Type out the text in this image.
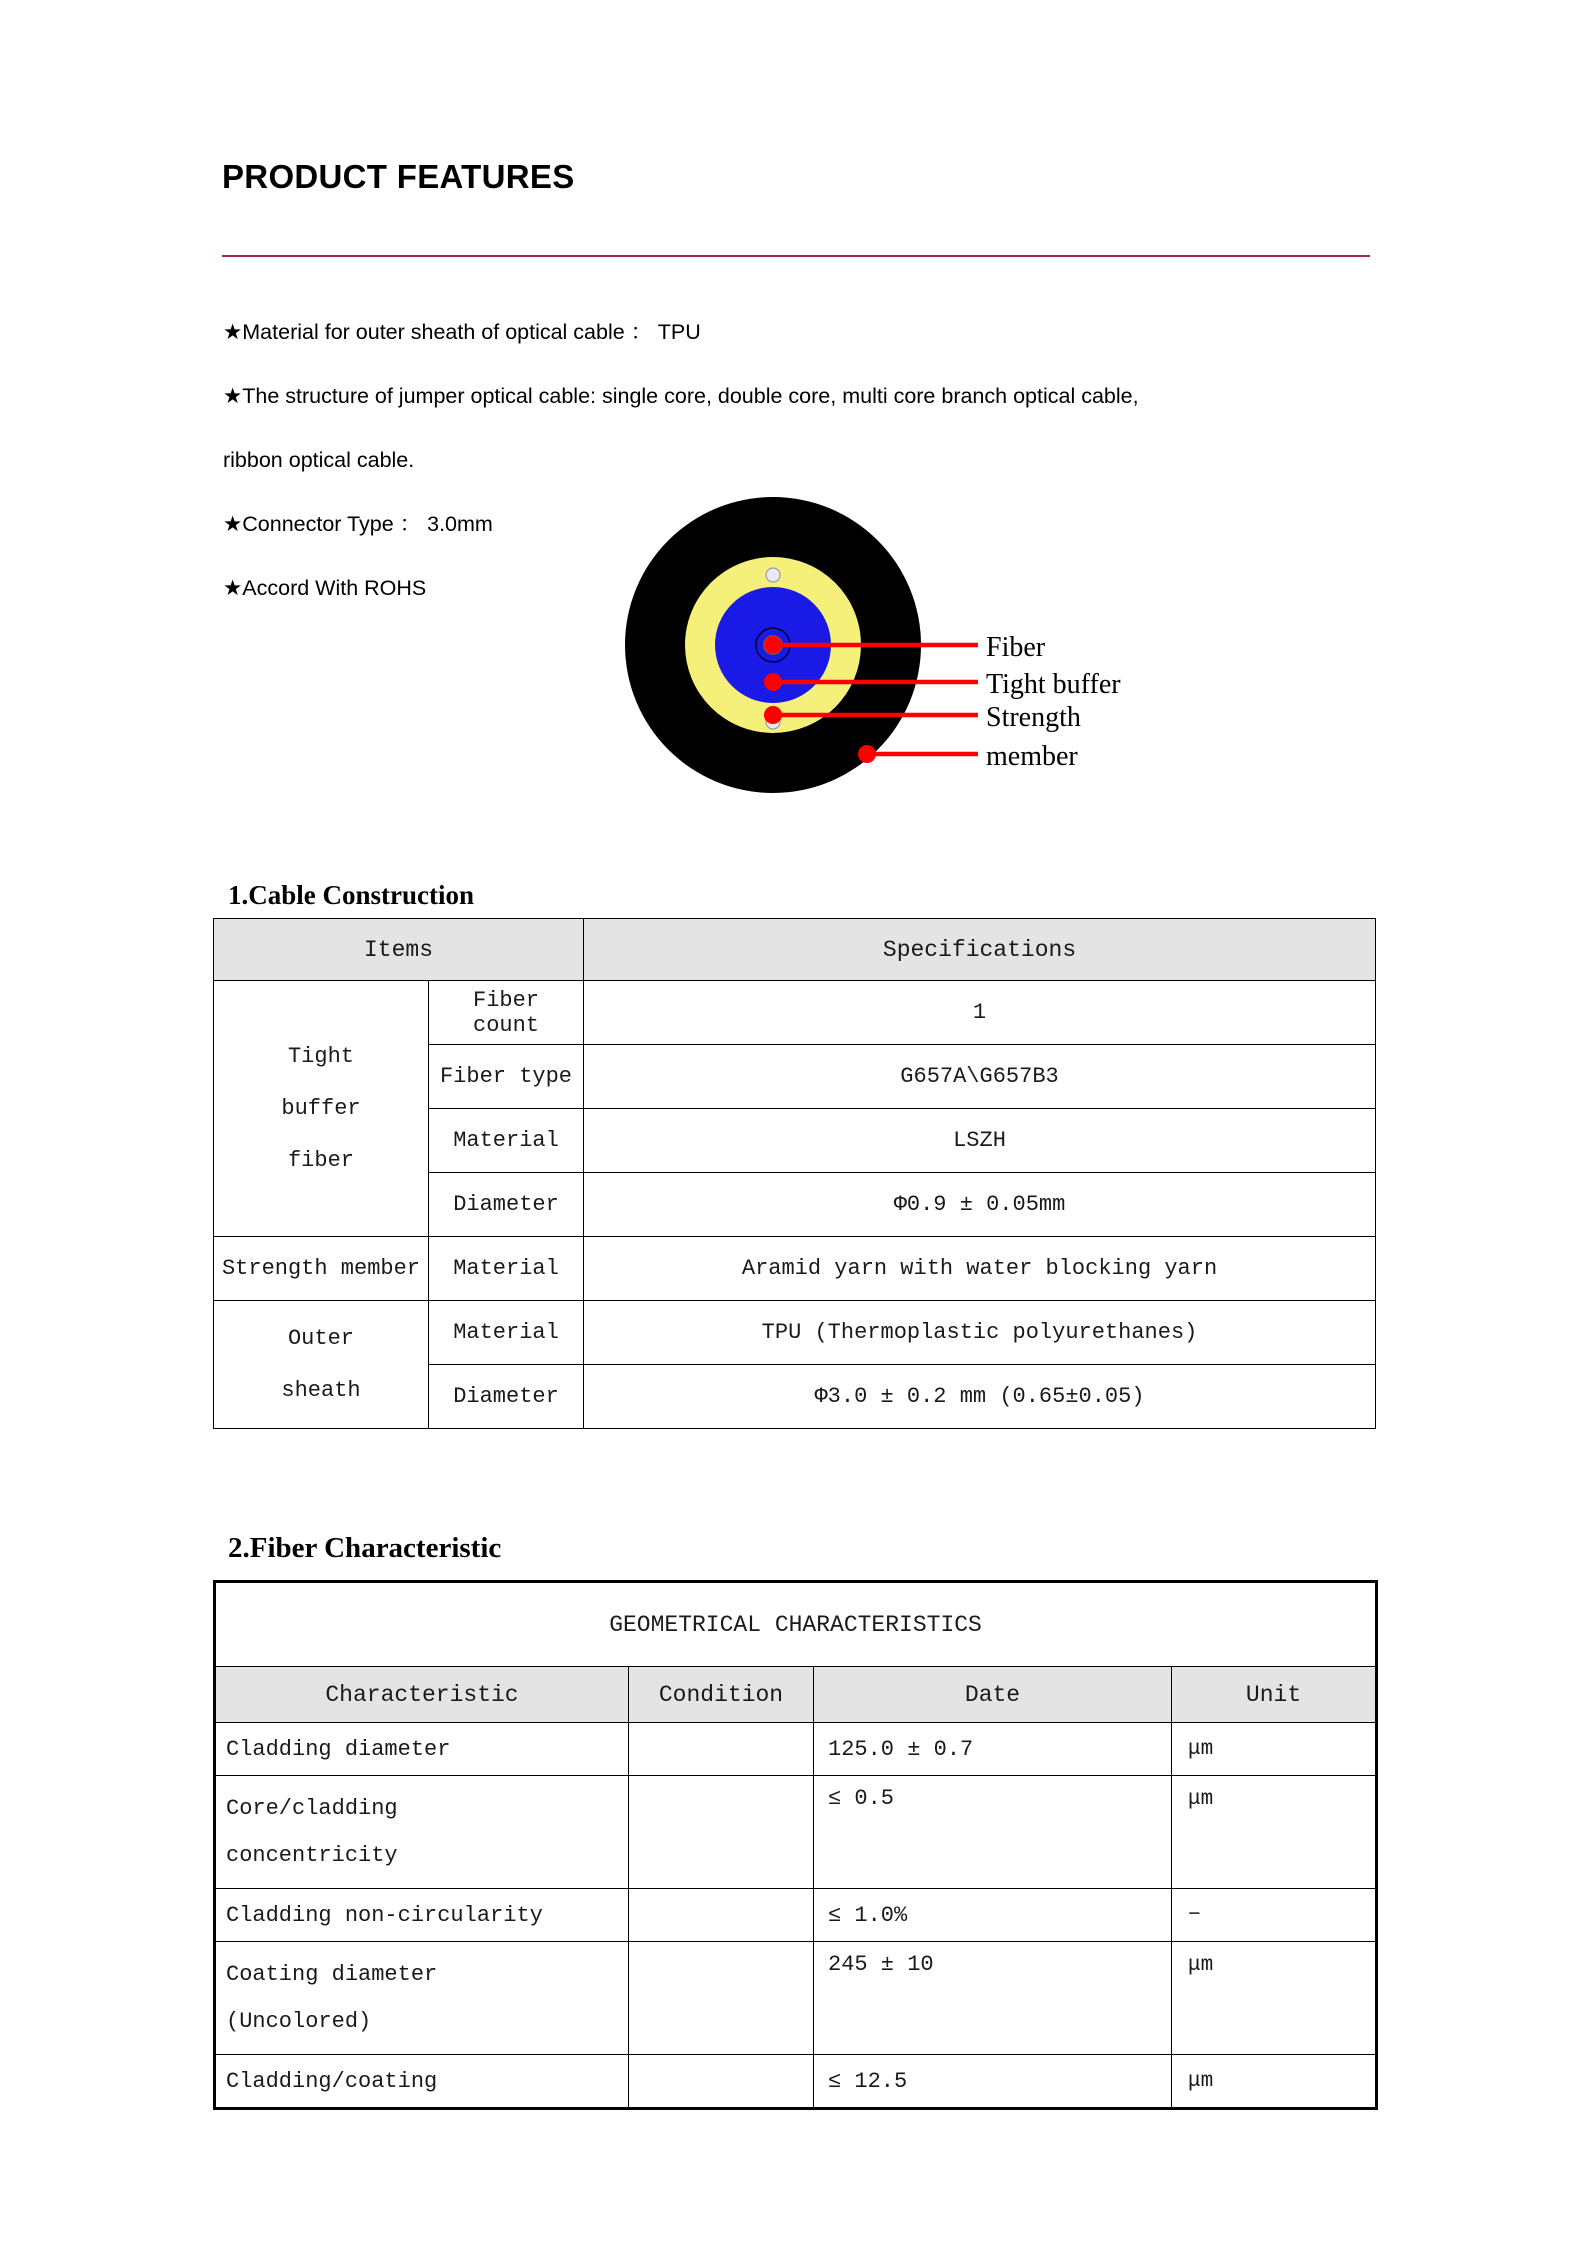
PRODUCT FEATURES
★Material for outer sheath of optical cable ： TPU
★The structure of jumper optical cable: single core, double core, multi core branch optical cable,
ribbon optical cable.
★Connector Type ： 3.0mm
★Accord With ROHS
Fiber
Tight buffer
Strength
member
1.Cable Construction
Items		Specifications
Tight
buffer
fiber	Fiber count	1
	Fiber type	G657A\G657B3
	Material	LSZH
	Diameter	Φ0.9 ± 0.05mm
Strength member	Material	Aramid yarn with water blocking yarn
Outer
sheath	Material	TPU (Thermoplastic polyurethanes)
	Diameter	Φ3.0 ± 0.2 mm (0.65±0.05)
2.Fiber Characteristic
GEOMETRICAL CHARACTERISTICS			
Characteristic	Condition	Date	Unit
Cladding diameter		125.0 ± 0.7	μm
Core/cladding
concentricity		≤ 0.5	μm
Cladding non-circularity		≤ 1.0%	−
Coating diameter
(Uncolored)		245 ± 10	μm
Cladding/coating		≤ 12.5	μm
